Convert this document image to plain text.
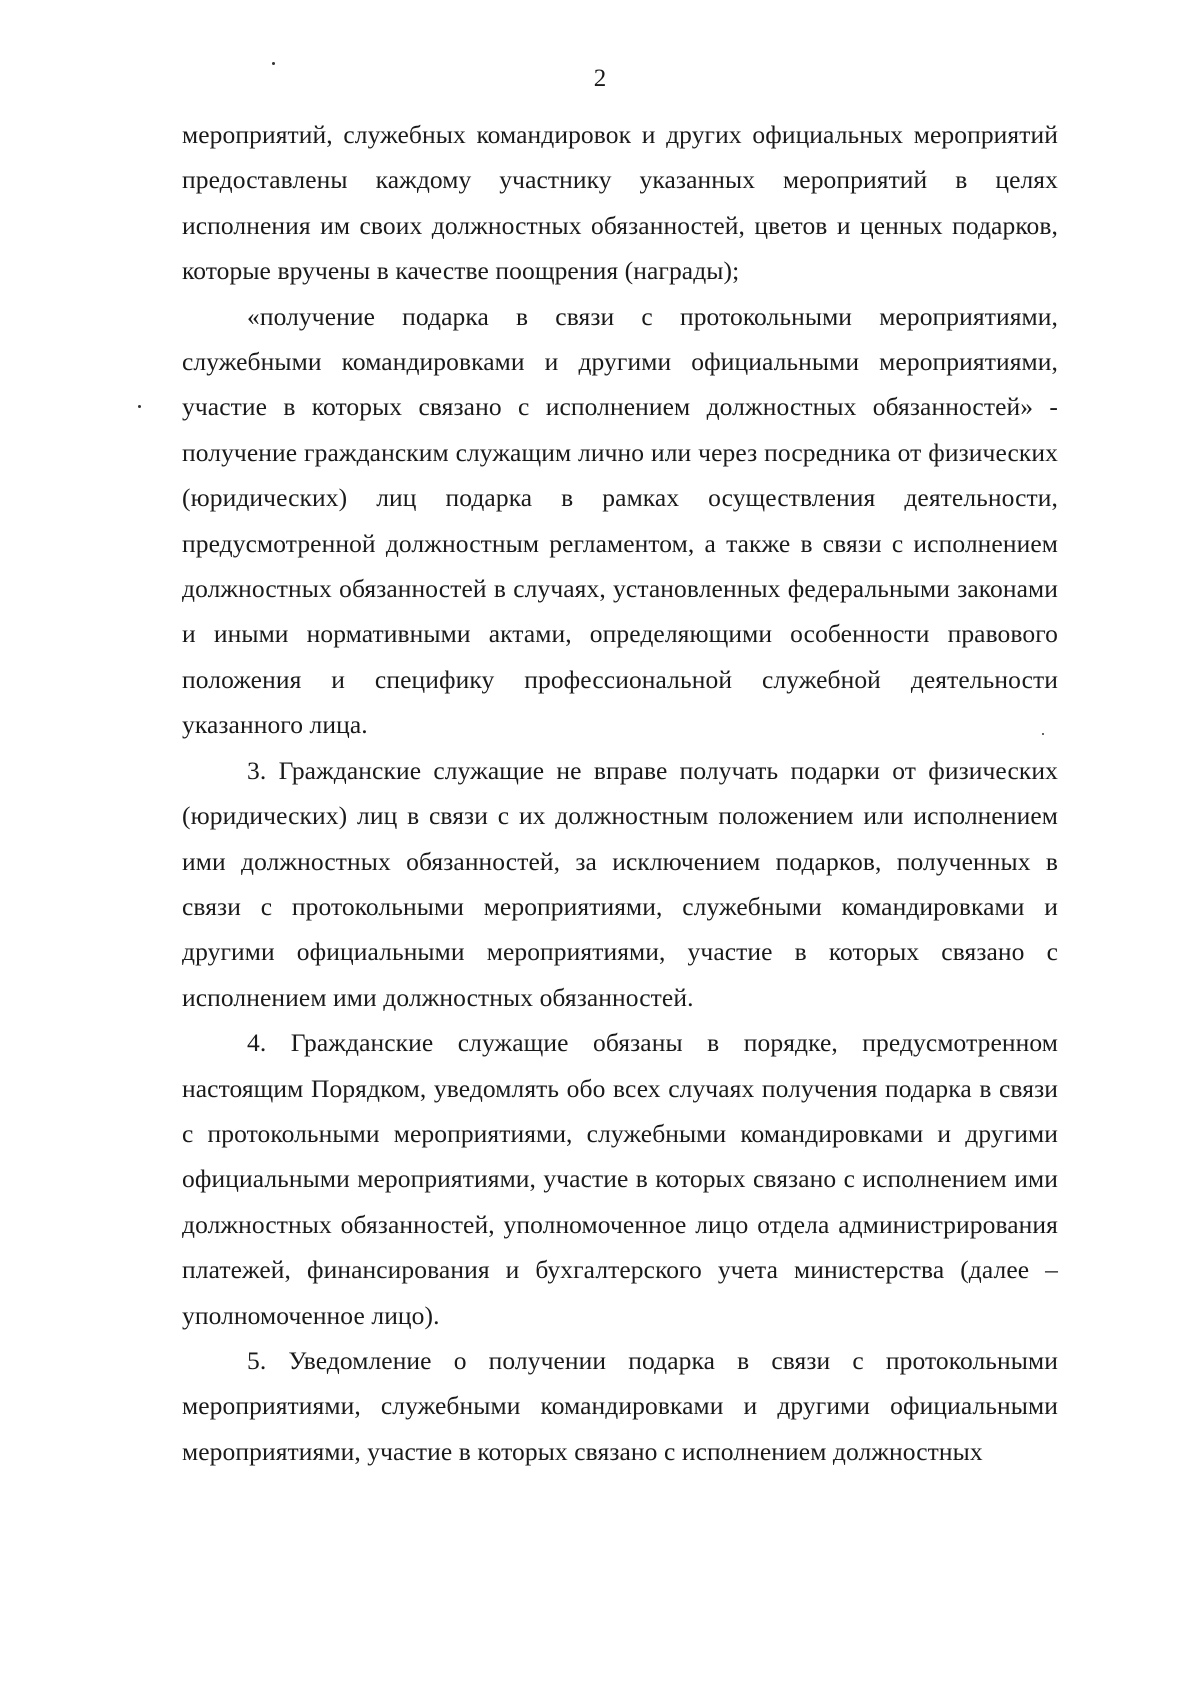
2

мероприятий, служебных командировок и других официальных мероприятий предоставлены каждому участнику указанных мероприятий в целях исполнения им своих должностных обязанностей, цветов и ценных подарков, которые вручены в качестве поощрения (награды);

«получение подарка в связи с протокольными мероприятиями, служебными командировками и другими официальными мероприятиями, участие в которых связано с исполнением должностных обязанностей» - получение гражданским служащим лично или через посредника от физических (юридических) лиц подарка в рамках осуществления деятельности, предусмотренной должностным регламентом, а также в связи с исполнением должностных обязанностей в случаях, установленных федеральными законами и иными нормативными актами, определяющими особенности правового положения и специфику профессиональной служебной деятельности указанного лица.

3. Гражданские служащие не вправе получать подарки от физических (юридических) лиц в связи с их должностным положением или исполнением ими должностных обязанностей, за исключением подарков, полученных в связи с протокольными мероприятиями, служебными командировками и другими официальными мероприятиями, участие в которых связано с исполнением ими должностных обязанностей.

4. Гражданские служащие обязаны в порядке, предусмотренном настоящим Порядком, уведомлять обо всех случаях получения подарка в связи с протокольными мероприятиями, служебными командировками и другими официальными мероприятиями, участие в которых связано с исполнением ими должностных обязанностей, уполномоченное лицо отдела администрирования платежей, финансирования и бухгалтерского учета министерства (далее – уполномоченное лицо).

5. Уведомление о получении подарка в связи с протокольными мероприятиями, служебными командировками и другими официальными мероприятиями, участие в которых связано с исполнением должностных
